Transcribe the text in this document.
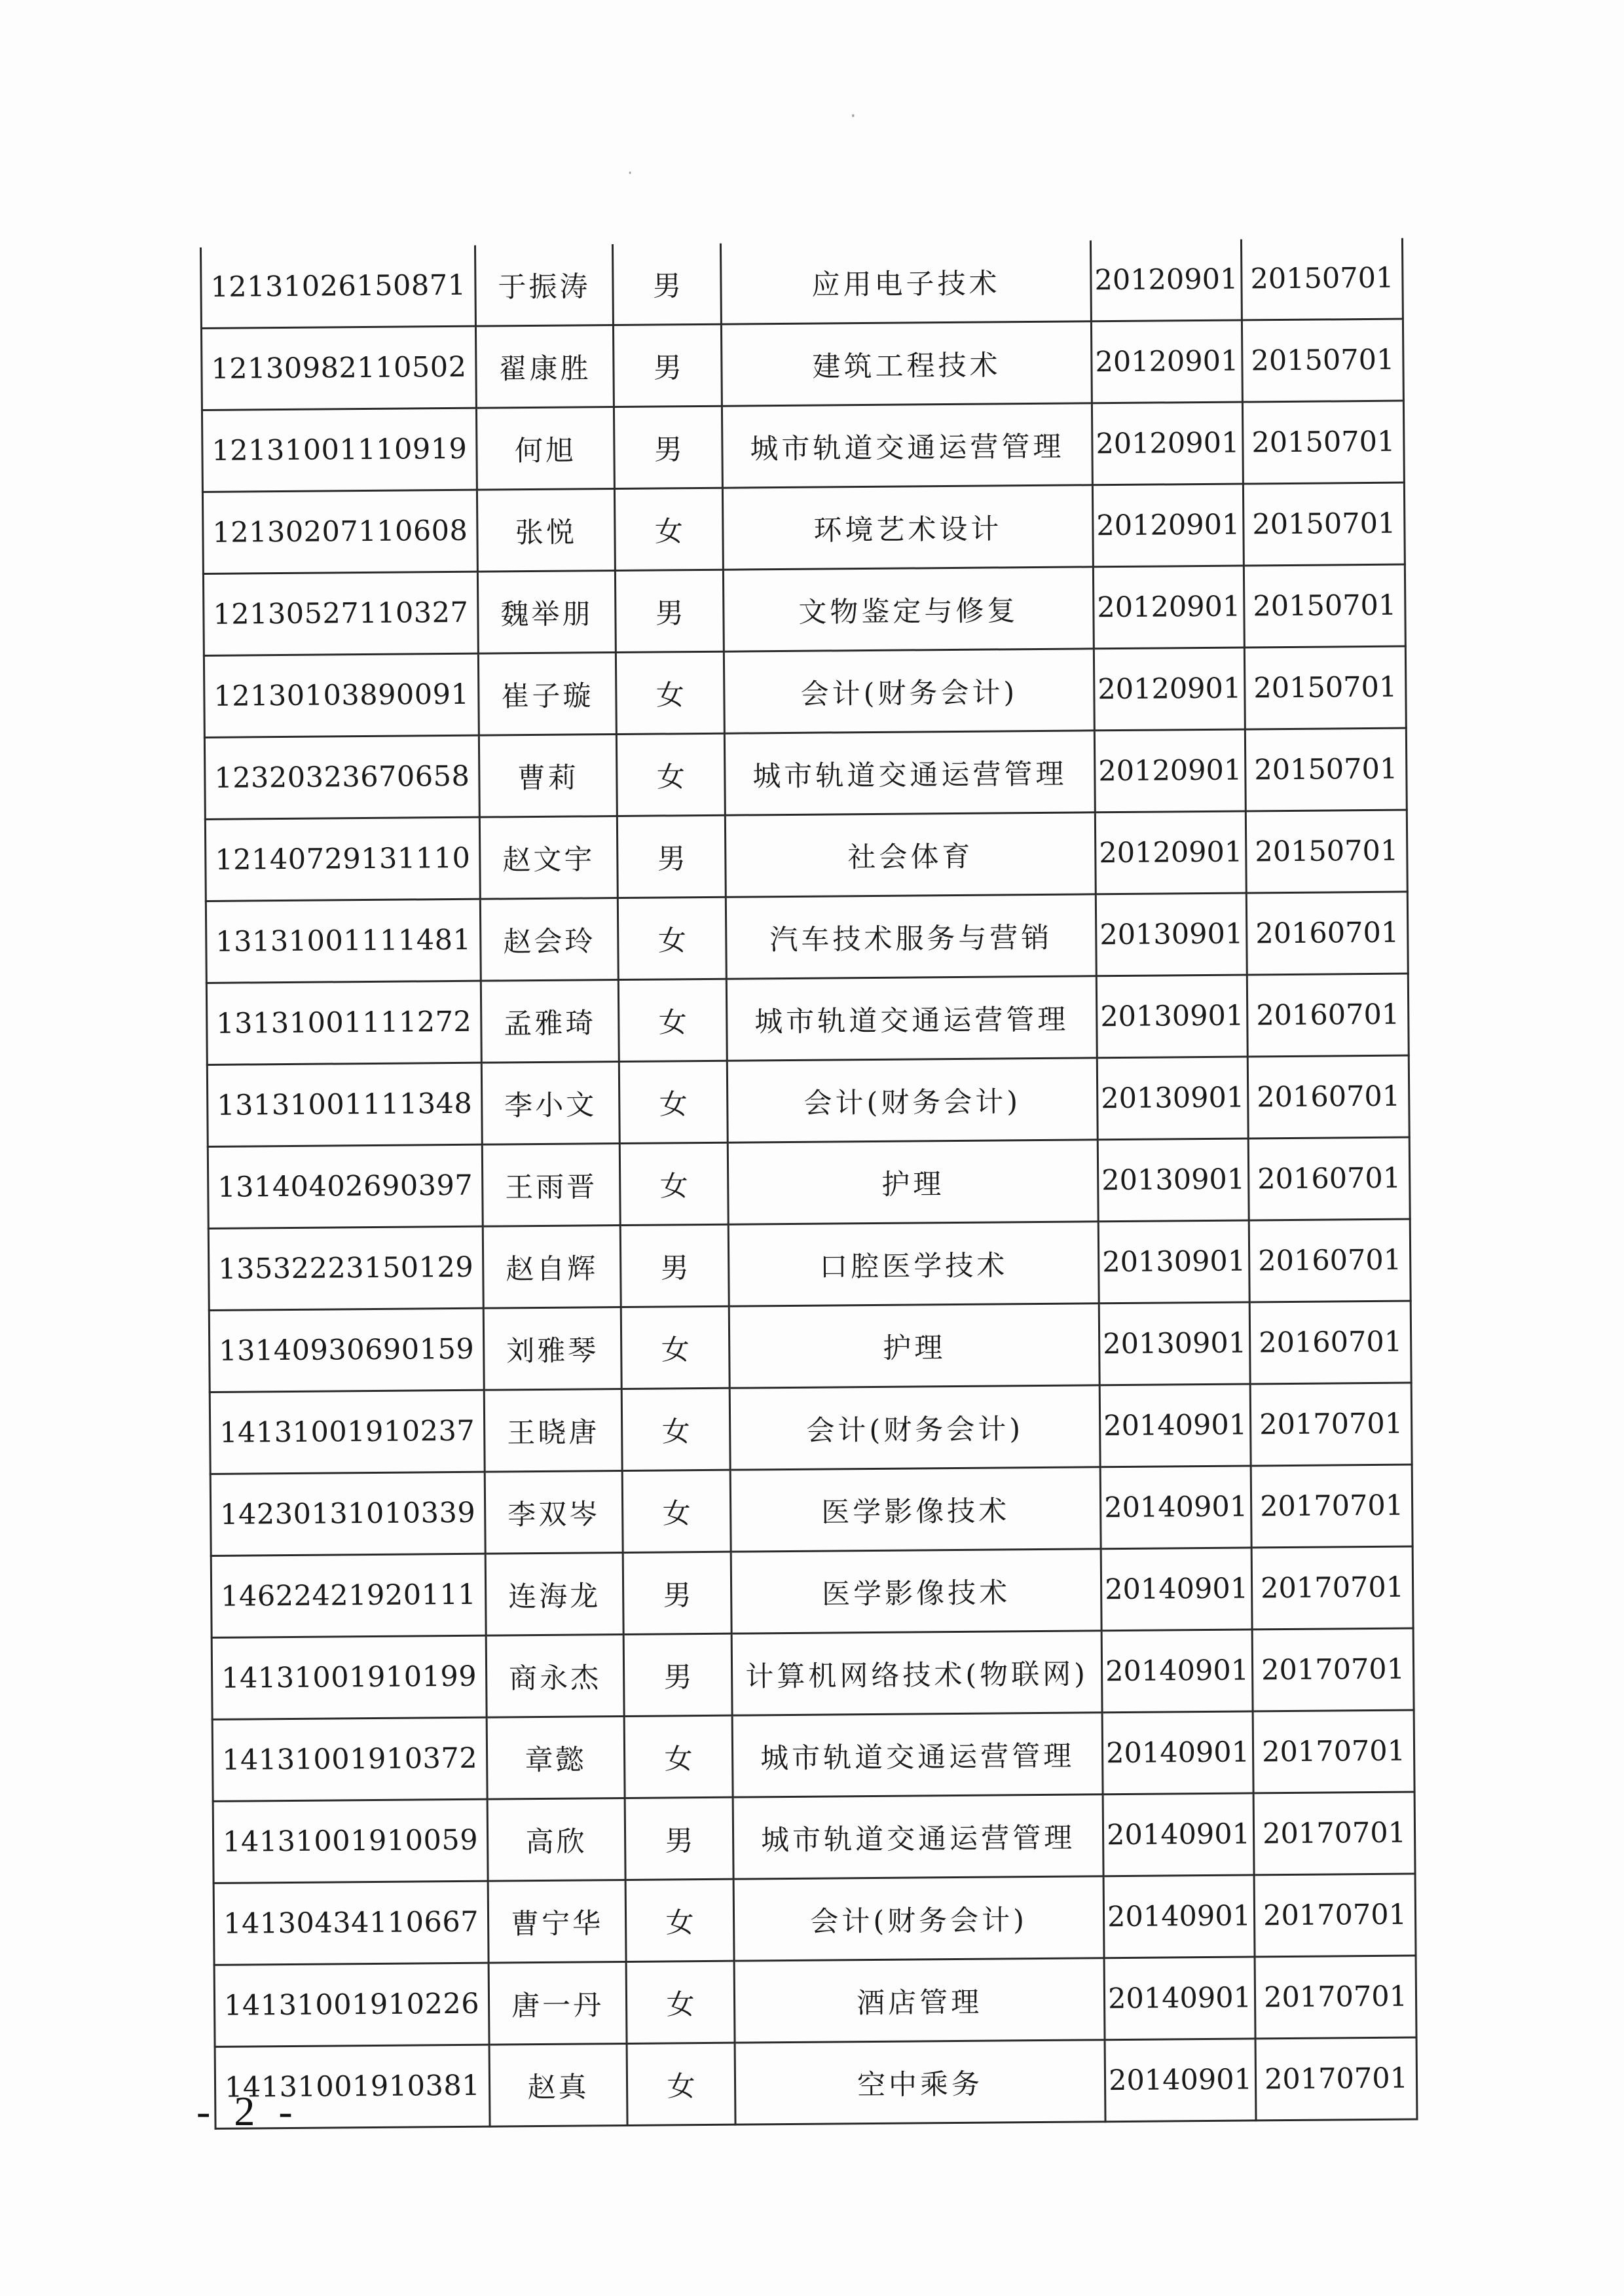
·
·
12131026150871	于振涛	男	应用电子技术	20120901	20150701
12130982110502	翟康胜	男	建筑工程技术	20120901	20150701
12131001110919	何旭	男	城市轨道交通运营管理	20120901	20150701
12130207110608	张悦	女	环境艺术设计	20120901	20150701
12130527110327	魏举朋	男	文物鉴定与修复	20120901	20150701
12130103890091	崔子璇	女	会计(财务会计)	20120901	20150701
12320323670658	曹莉	女	城市轨道交通运营管理	20120901	20150701
12140729131110	赵文宇	男	社会体育	20120901	20150701
13131001111481	赵会玲	女	汽车技术服务与营销	20130901	20160701
13131001111272	孟雅琦	女	城市轨道交通运营管理	20130901	20160701
13131001111348	李小文	女	会计(财务会计)	20130901	20160701
13140402690397	王雨晋	女	护理	20130901	20160701
13532223150129	赵自辉	男	口腔医学技术	20130901	20160701
13140930690159	刘雅琴	女	护理	20130901	20160701
14131001910237	王晓唐	女	会计(财务会计)	20140901	20170701
14230131010339	李双岑	女	医学影像技术	20140901	20170701
14622421920111	连海龙	男	医学影像技术	20140901	20170701
14131001910199	商永杰	男	计算机网络技术(物联网)	20140901	20170701
14131001910372	章懿	女	城市轨道交通运营管理	20140901	20170701
14131001910059	高欣	男	城市轨道交通运营管理	20140901	20170701
14130434110667	曹宁华	女	会计(财务会计)	20140901	20170701
14131001910226	唐一丹	女	酒店管理	20140901	20170701
14131001910381	赵真	女	空中乘务	20140901	20170701
- 2 -
